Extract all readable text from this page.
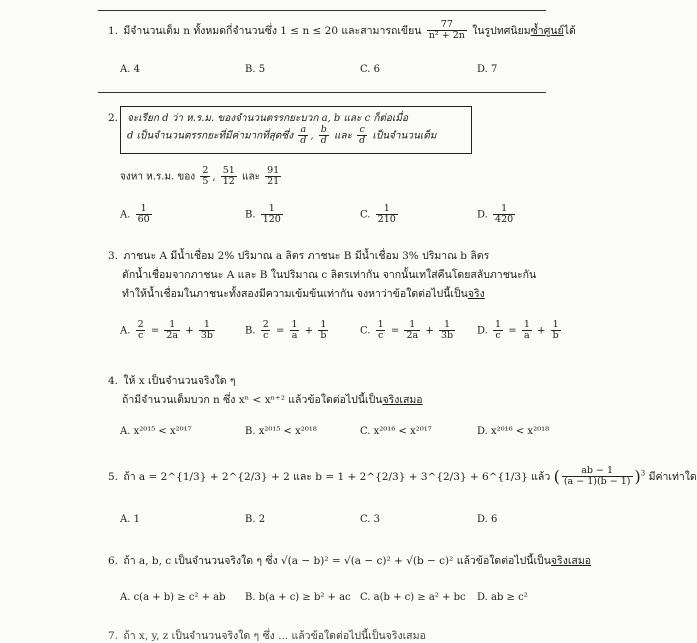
1. มีจำนวนเต็ม n ทั้งหมดกี่จำนวนซึ่ง 1 ≤ n ≤ 20 และสามารถเขียน $\frac{77}{\text{n² + 2n}}$ ในรูปทศนิยมซ้ำศูนย์ได้
A. 4	B. 5	C. 6	D. 7
2. จะเรียก d ว่า ห.ร.ม. ของจำนวนตรรกยะบวก a, b และ c ก็ต่อเมื่อ
d เป็นจำนวนตรรกยะที่มีค่ามากที่สุดซึ่ง $\frac{a}{d}$ , $\frac{b}{d}$ และ $\frac{c}{d}$ เป็นจำนวนเต็ม
จงหา ห.ร.ม. ของ $\frac{2}{5}$ , $\frac{51}{12}$ และ $\frac{91}{21}$
A. $\frac{1}{60}$	B. $\frac{1}{120}$	C. $\frac{1}{210}$	D. $\frac{1}{420}$
3. ภาชนะ A มีน้ำเชื่อม 2% ปริมาณ a ลิตร ภาชนะ B มีน้ำเชื่อม 3% ปริมาณ b ลิตร
ตักน้ำเชื่อมจากภาชนะ A และ B ในปริมาณ c ลิตรเท่ากัน จากนั้นเทใส่คืนโดยสลับภาชนะกัน
ทำให้น้ำเชื่อมในภาชนะทั้งสองมีความเข้มข้นเท่ากัน จงหาว่าข้อใดต่อไปนี้เป็นจริง
A. $\frac{2}{c} = \frac{1}{2a} + \frac{1}{3b}$	B. $\frac{2}{c} = \frac{1}{a} + \frac{1}{b}$	C. $\frac{1}{c} = \frac{1}{2a} + \frac{1}{3b} D$. $\frac{1}{c} = \frac{1}{a} + \frac{1}{b}$
4. ให้ x เป็นจำนวนจริงใด ๆ
ถ้ามีจำนวนเต็มบวก n ซึ่ง xⁿ < xⁿ⁺² แล้วข้อใดต่อไปนี้เป็นจริงเสมอ
A. x²⁰¹⁵ < x²⁰¹⁷	B. x²⁰¹⁵ < x²⁰¹⁸	C. x²⁰¹⁶ < x²⁰¹⁷	D. x²⁰¹⁶ < x²⁰¹⁸
5. ถ้า a = 2^{1/3} + 2^{2/3} + 2 และ b = 1 + 2^{2/3} + 3^{2/3} + 6^{1/3} แล้ว ( $\frac{ab - 1}{(a - 1)(b - 1)} )^3$ มีค่าเท่าใด
A. 1	B. 2	C. 3	D. 6
6. ถ้า a, b, c เป็นจำนวนจริงใด ๆ ซึ่ง √(a − b)² = √(a − c)² + √(b − c)² แล้วข้อใดต่อไปนี้เป็นจริงเสมอ
A. c(a + b) ≥ c² + ab B. b(a + c) ≥ b² + ac C. a(b + c) ≥ a² + bc D. ab ≥ c²
7. ถ้า x, y, z เป็นจำนวนจริงใด ๆ ซึ่ง ... แล้วข้อใดต่อไปนี้เป็นจริงเสมอ
